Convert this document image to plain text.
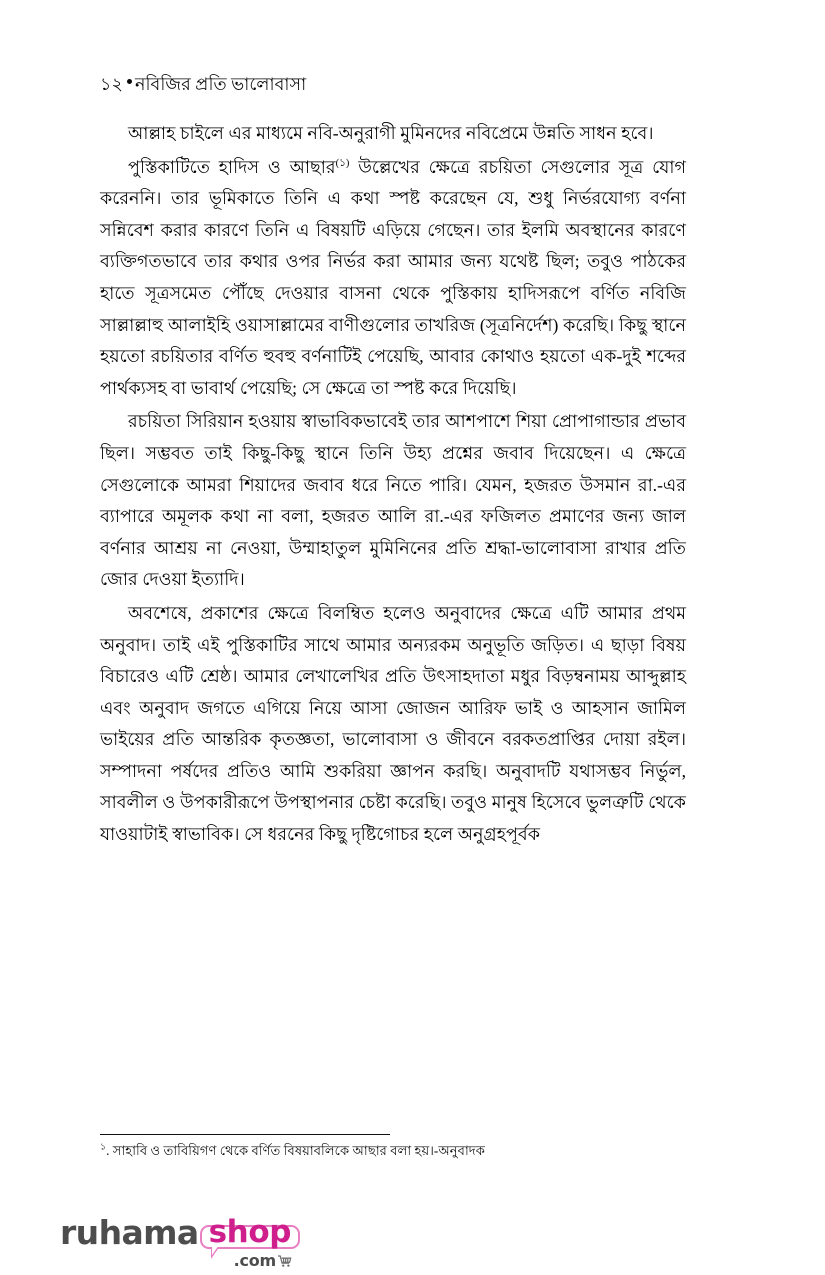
১২ নবিজির প্রতি ভালোবাসা

আল্লাহ চাইলে এর মাধ্যমে নবি-অনুরাগী মুমিনদের নবিপ্রেমে উন্নতি সাধন হবে।

পুস্তিকাটিতে হাদিস ও আছার$^{(১)}$ উল্লেখের ক্ষেত্রে রচয়িতা সেগুলোর সূত্র যোগ করেননি। তার ভূমিকাতে তিনি এ কথা স্পষ্ট করেছেন যে, শুধু নির্ভরযোগ্য বর্ণনা সন্নিবেশ করার কারণে তিনি এ বিষয়টি এড়িয়ে গেছেন। তার ইলমি অবস্থানের কারণে ব্যক্তিগতভাবে তার কথার ওপর নির্ভর করা আমার জন্য যথেষ্ট ছিল; তবুও পাঠকের হাতে সূত্রসমেত পৌঁছে দেওয়ার বাসনা থেকে পুস্তিকায় হাদিসরূপে বর্ণিত নবিজি সাল্লাল্লাহু আলাইহি ওয়াসাল্লামের বাণীগুলোর তাখরিজ (সূত্রনির্দেশ) করেছি। কিছু স্থানে হয়তো রচয়িতার বর্ণিত হুবহু বর্ণনাটিই পেয়েছি, আবার কোথাও হয়তো এক-দুই শব্দের পার্থক্যসহ বা ভাবার্থ পেয়েছি; সে ক্ষেত্রে তা স্পষ্ট করে দিয়েছি।

রচয়িতা সিরিয়ান হওয়ায় স্বাভাবিকভাবেই তার আশপাশে শিয়া প্রোপাগান্ডার প্রভাব ছিল। সম্ভবত তাই কিছু-কিছু স্থানে তিনি উহ্য প্রশ্নের জবাব দিয়েছেন। এ ক্ষেত্রে সেগুলোকে আমরা শিয়াদের জবাব ধরে নিতে পারি। যেমন, হজরত উসমান রা.-এর ব্যাপারে অমূলক কথা না বলা, হজরত আলি রা.-এর ফজিলত প্রমাণের জন্য জাল বর্ণনার আশ্রয় না নেওয়া, উম্মাহাতুল মুমিনিনের প্রতি শ্রদ্ধা-ভালোবাসা রাখার প্রতি জোর দেওয়া ইত্যাদি।

অবশেষে, প্রকাশের ক্ষেত্রে বিলম্বিত হলেও অনুবাদের ক্ষেত্রে এটি আমার প্রথম অনুবাদ। তাই এই পুস্তিকাটির সাথে আমার অন্যরকম অনুভূতি জড়িত। এ ছাড়া বিষয় বিচারেও এটি শ্রেষ্ঠ। আমার লেখালেখির প্রতি উৎসাহদাতা মধুর বিড়ম্বনাময় আব্দুল্লাহ এবং অনুবাদ জগতে এগিয়ে নিয়ে আসা জোজন আরিফ ভাই ও আহসান জামিল ভাইয়ের প্রতি আন্তরিক কৃতজ্ঞতা, ভালোবাসা ও জীবনে বরকতপ্রাপ্তির দোয়া রইল। সম্পাদনা পর্ষদের প্রতিও আমি শুকরিয়া জ্ঞাপন করছি। অনুবাদটি যথাসম্ভব নির্ভুল, সাবলীল ও উপকারীরূপে উপস্থাপনার চেষ্টা করেছি। তবুও মানুষ হিসেবে ভুলত্রুটি থেকে যাওয়াটাই স্বাভাবিক। সে ধরনের কিছু দৃষ্টিগোচর হলে অনুগ্রহপূর্বক

$^১$. সাহাবি ও তাবিয়িগণ থেকে বর্ণিত বিষয়াবলিকে আছার বলা হয়।-অনুবাদক
ruhama shop
.com
